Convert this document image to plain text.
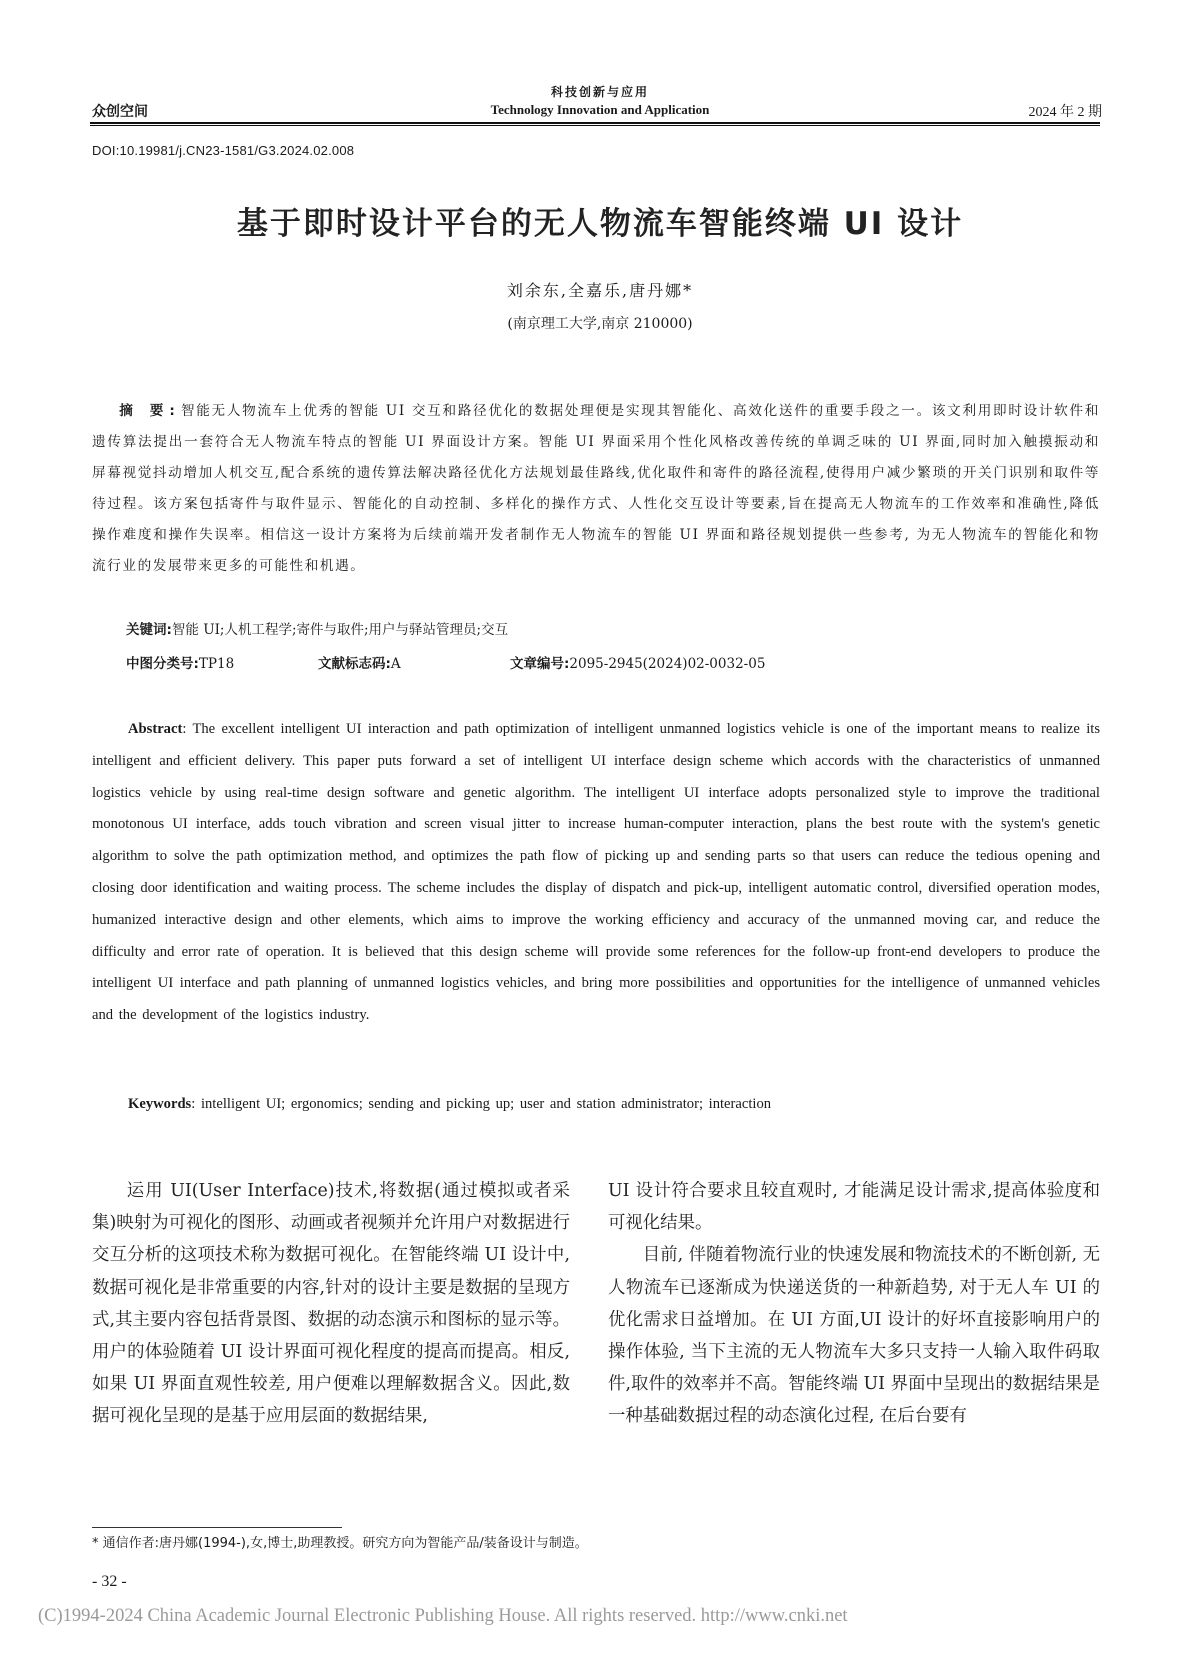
科技创新与应用
众创空间	Technology Innovation and Application	2024 年 2 期
DOI:10.19981/j.CN23-1581/G3.2024.02.008
基于即时设计平台的无人物流车智能终端 UI 设计
刘余东,全嘉乐,唐丹娜*
(南京理工大学,南京 210000)
摘 要:智能无人物流车上优秀的智能 UI 交互和路径优化的数据处理便是实现其智能化、高效化送件的重要手段之一。该文利用即时设计软件和遗传算法提出一套符合无人物流车特点的智能 UI 界面设计方案。智能 UI 界面采用个性化风格改善传统的单调乏味的 UI 界面,同时加入触摸振动和屏幕视觉抖动增加人机交互,配合系统的遗传算法解决路径优化方法规划最佳路线,优化取件和寄件的路径流程,使得用户减少繁琐的开关门识别和取件等待过程。该方案包括寄件与取件显示、智能化的自动控制、多样化的操作方式、人性化交互设计等要素,旨在提高无人物流车的工作效率和准确性,降低操作难度和操作失误率。相信这一设计方案将为后续前端开发者制作无人物流车的智能 UI 界面和路径规划提供一些参考, 为无人物流车的智能化和物流行业的发展带来更多的可能性和机遇。
关键词:智能 UI;人机工程学;寄件与取件;用户与驿站管理员;交互
中图分类号:TP18	文献标志码:A	文章编号:2095-2945(2024)02-0032-05
Abstract: The excellent intelligent UI interaction and path optimization of intelligent unmanned logistics vehicle is one of the important means to realize its intelligent and efficient delivery. This paper puts forward a set of intelligent UI interface design scheme which accords with the characteristics of unmanned logistics vehicle by using real-time design software and genetic algorithm. The intelligent UI interface adopts personalized style to improve the traditional monotonous UI interface, adds touch vibration and screen visual jitter to increase human-computer interaction, plans the best route with the system's genetic algorithm to solve the path optimization method, and optimizes the path flow of picking up and sending parts so that users can reduce the tedious opening and closing door identification and waiting process. The scheme includes the display of dispatch and pick-up, intelligent automatic control, diversified operation modes, humanized interactive design and other elements, which aims to improve the working efficiency and accuracy of the unmanned moving car, and reduce the difficulty and error rate of operation. It is believed that this design scheme will provide some references for the follow-up front-end developers to produce the intelligent UI interface and path planning of unmanned logistics vehicles, and bring more possibilities and opportunities for the intelligence of unmanned vehicles and the development of the logistics industry.
Keywords: intelligent UI; ergonomics; sending and picking up; user and station administrator; interaction

运用 UI(User Interface)技术,将数据(通过模拟或者采集)映射为可视化的图形、动画或者视频并允许用户对数据进行交互分析的这项技术称为数据可视化。在智能终端 UI 设计中, 数据可视化是非常重要的内容,针对的设计主要是数据的呈现方式,其主要内容包括背景图、数据的动态演示和图标的显示等。用户的体验随着 UI 设计界面可视化程度的提高而提高。相反,如果 UI 界面直观性较差, 用户便难以理解数据含义。因此,数据可视化呈现的是基于应用层面的数据结果,

UI 设计符合要求且较直观时, 才能满足设计需求,提高体验度和可视化结果。

目前, 伴随着物流行业的快速发展和物流技术的不断创新, 无人物流车已逐渐成为快递送货的一种新趋势, 对于无人车 UI 的优化需求日益增加。在 UI 方面,UI 设计的好坏直接影响用户的操作体验, 当下主流的无人物流车大多只支持一人输入取件码取件,取件的效率并不高。智能终端 UI 界面中呈现出的数据结果是一种基础数据过程的动态演化过程, 在后台要有

* 通信作者:唐丹娜(1994-),女,博士,助理教授。研究方向为智能产品/装备设计与制造。
- 32 -
(C)1994-2024 China Academic Journal Electronic Publishing House. All rights reserved. http://www.cnki.net
